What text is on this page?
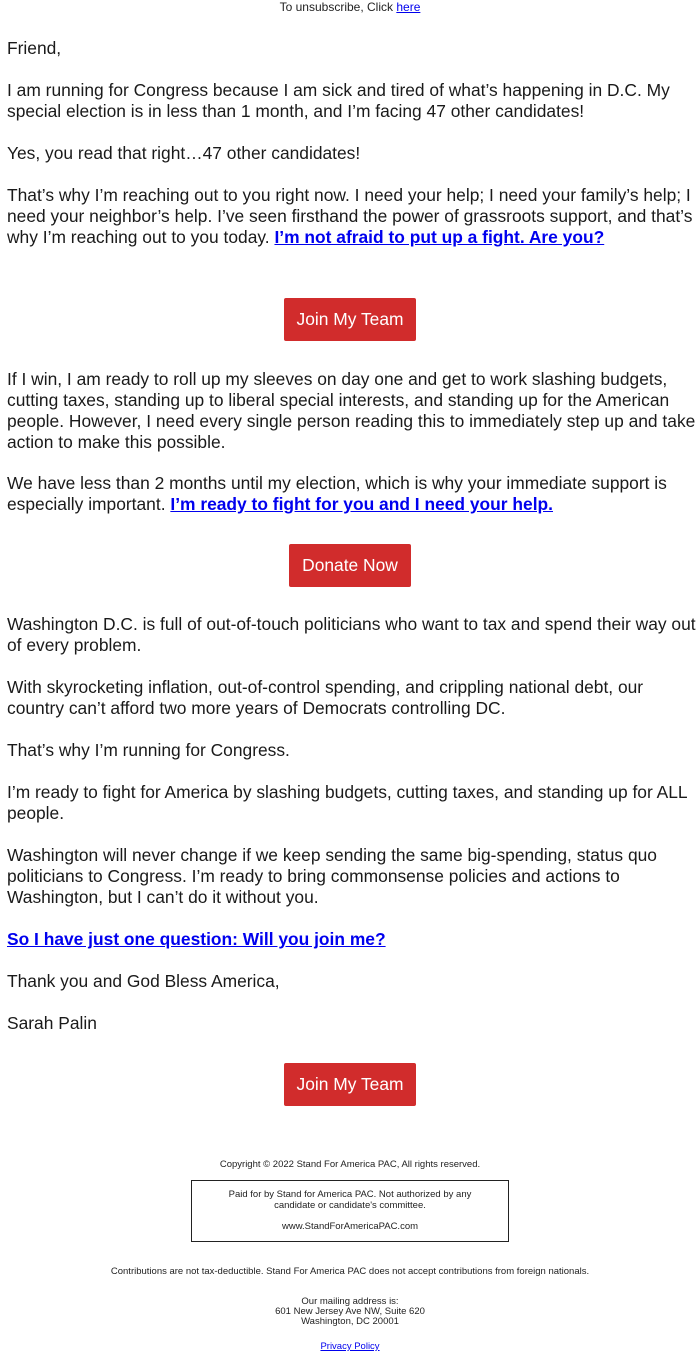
To unsubscribe, Click here

Friend,

I am running for Congress because I am sick and tired of what’s happening in D.C. My special election is in less than 1 month, and I’m facing 47 other candidates!

Yes, you read that right…47 other candidates!

That’s why I’m reaching out to you right now. I need your help; I need your family’s help; I need your neighbor’s help. I’ve seen firsthand the power of grassroots support, and that’s why I’m reaching out to you today. I’m not afraid to put up a fight. Are you?

Join My Team

If I win, I am ready to roll up my sleeves on day one and get to work slashing budgets, cutting taxes, standing up to liberal special interests, and standing up for the American people. However, I need every single person reading this to immediately step up and take action to make this possible.

We have less than 2 months until my election, which is why your immediate support is especially important. I’m ready to fight for you and I need your help.

Donate Now

Washington D.C. is full of out-of-touch politicians who want to tax and spend their way out of every problem.

With skyrocketing inflation, out-of-control spending, and crippling national debt, our country can’t afford two more years of Democrats controlling DC.

That’s why I’m running for Congress.

I’m ready to fight for America by slashing budgets, cutting taxes, and standing up for ALL people.

Washington will never change if we keep sending the same big-spending, status quo politicians to Congress. I’m ready to bring commonsense policies and actions to Washington, but I can’t do it without you.

So I have just one question: Will you join me?

Thank you and God Bless America,

Sarah Palin

Join My Team

Copyright © 2022 Stand For America PAC, All rights reserved.

Paid for by Stand for America PAC. Not authorized by any candidate or candidate's committee.

www.StandForAmericaPAC.com

Contributions are not tax-deductible. Stand For America PAC does not accept contributions from foreign nationals.

Our mailing address is:

601 New Jersey Ave NW, Suite 620

Washington, DC 20001

Privacy Policy
